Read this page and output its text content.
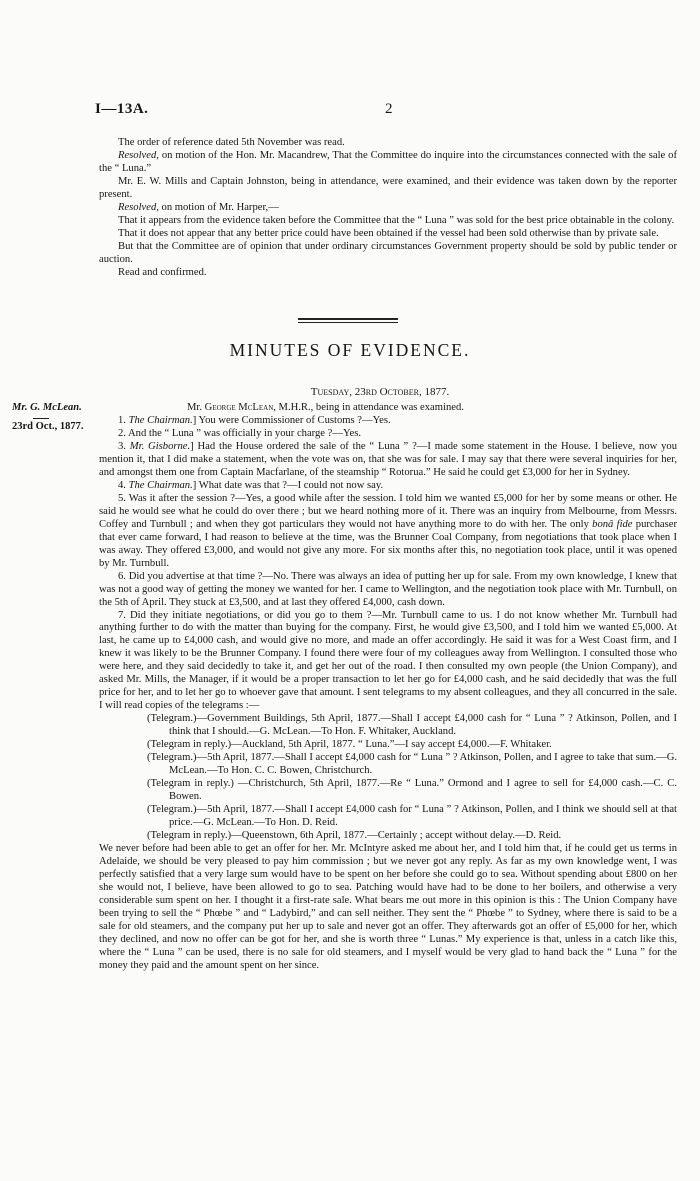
I—13A.	2

The order of reference dated 5th November was read.

Resolved, on motion of the Hon. Mr. Macandrew, That the Committee do inquire into the circumstances connected with the sale of the “ Luna.”

Mr. E. W. Mills and Captain Johnston, being in attendance, were examined, and their evidence was taken down by the reporter present.

Resolved, on motion of Mr. Harper,—

That it appears from the evidence taken before the Committee that the “ Luna ” was sold for the best price obtainable in the colony.

That it does not appear that any better price could have been obtained if the vessel had been sold otherwise than by private sale.

But that the Committee are of opinion that under ordinary circumstances Government property should be sold by public tender or auction.

Read and confirmed.

MINUTES OF EVIDENCE.
Tuesday, 23rd October, 1877.
Mr. G. McLean.
23rd Oct., 1877.

Mr. George McLean, M.H.R., being in attendance was examined.

1. The Chairman.] You were Commissioner of Customs ?—Yes.

2. And the “ Luna ” was officially in your charge ?—Yes.

3. Mr. Gisborne.] Had the House ordered the sale of the “ Luna ” ?—I made some statement in the House. I believe, now you mention it, that I did make a statement, when the vote was on, that she was for sale. I may say that there were several inquiries for her, and amongst them one from Captain Macfarlane, of the steamship “ Rotorua.” He said he could get £3,000 for her in Sydney.

4. The Chairman.] What date was that ?—I could not now say.

5. Was it after the session ?—Yes, a good while after the session. I told him we wanted £5,000 for her by some means or other. He said he would see what he could do over there ; but we heard nothing more of it. There was an inquiry from Melbourne, from Messrs. Coffey and Turnbull ; and when they got particulars they would not have anything more to do with her. The only bonâ fide purchaser that ever came forward, I had reason to believe at the time, was the Brunner Coal Company, from negotiations that took place when I was away. They offered £3,000, and would not give any more. For six months after this, no negotiation took place, until it was opened by Mr. Turnbull.

6. Did you advertise at that time ?—No. There was always an idea of putting her up for sale. From my own knowledge, I knew that was not a good way of getting the money we wanted for her. I came to Wellington, and the negotiation took place with Mr. Turnbull, on the 5th of April. They stuck at £3,500, and at last they offered £4,000, cash down.

7. Did they initiate negotiations, or did you go to them ?—Mr. Turnbull came to us. I do not know whether Mr. Turnbull had anything further to do with the matter than buying for the company. First, he would give £3,500, and I told him we wanted £5,000. At last, he came up to £4,000 cash, and would give no more, and made an offer accordingly. He said it was for a West Coast firm, and I knew it was likely to be the Brunner Company. I found there were four of my colleagues away from Wellington. I consulted those who were here, and they said decidedly to take it, and get her out of the road. I then consulted my own people (the Union Company), and asked Mr. Mills, the Manager, if it would be a proper transaction to let her go for £4,000 cash, and he said decidedly that was the full price for her, and to let her go to whoever gave that amount. I sent telegrams to my absent colleagues, and they all concurred in the sale. I will read copies of the telegrams :—

(Telegram.)—Government Buildings, 5th April, 1877.—Shall I accept £4,000 cash for “ Luna ” ? Atkinson, Pollen, and I think that I should.—G. McLean.—To Hon. F. Whitaker, Auckland.

(Telegram in reply.)—Auckland, 5th April, 1877. “ Luna.”—I say accept £4,000.—F. Whitaker.

(Telegram.)—5th April, 1877.—Shall I accept £4,000 cash for “ Luna ” ? Atkinson, Pollen, and I agree to take that sum.—G. McLean.—To Hon. C. C. Bowen, Christchurch.

(Telegram in reply.) —Christchurch, 5th April, 1877.—Re “ Luna.” Ormond and I agree to sell for £4,000 cash.—C. C. Bowen.

(Telegram.)—5th April, 1877.—Shall I accept £4,000 cash for “ Luna ” ? Atkinson, Pollen, and I think we should sell at that price.—G. McLean.—To Hon. D. Reid.

(Telegram in reply.)—Queenstown, 6th April, 1877.—Certainly ; accept without delay.—D. Reid.

We never before had been able to get an offer for her. Mr. McIntyre asked me about her, and I told him that, if he could get us terms in Adelaide, we should be very pleased to pay him commission ; but we never got any reply. As far as my own knowledge went, I was perfectly satisfied that a very large sum would have to be spent on her before she could go to sea. Without spending about £800 on her she would not, I believe, have been allowed to go to sea. Patching would have had to be done to her boilers, and otherwise a very considerable sum spent on her. I thought it a first-rate sale. What bears me out more in this opinion is this : The Union Company have been trying to sell the “ Phœbe ” and “ Ladybird,” and can sell neither. They sent the “ Phœbe ” to Sydney, where there is said to be a sale for old steamers, and the company put her up to sale and never got an offer. They afterwards got an offer of £5,000 for her, which they declined, and now no offer can be got for her, and she is worth three “ Lunas.” My experience is that, unless in a catch like this, where the “ Luna ” can be used, there is no sale for old steamers, and I myself would be very glad to hand back the “ Luna ” for the money they paid and the amount spent on her since.
